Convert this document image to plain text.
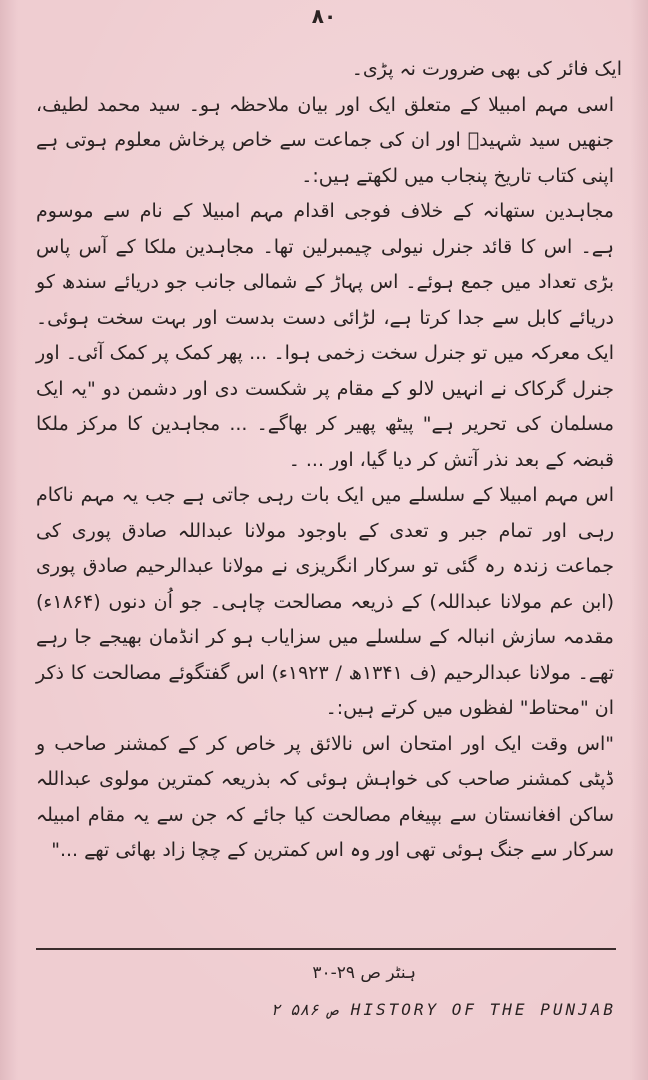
۸۰

ایک فائر کی بھی ضرورت نہ پڑی۔

اسی مہم امبیلا کے متعلق ایک اور بیان ملاحظہ ہو۔ سید محمد لطیف، جنھیں سید شہیدؒ اور ان کی جماعت سے خاص پرخاش معلوم ہوتی ہے اپنی کتاب تاریخ پنجاب میں لکھتے ہیں:۔

مجاہدین ستھانہ کے خلاف فوجی اقدام مہم امبیلا کے نام سے موسوم ہے۔ اس کا قائد جنرل نیولی چیمبرلین تھا۔ مجاہدین ملکا کے آس پاس بڑی تعداد میں جمع ہوئے۔ اس پہاڑ کے شمالی جانب جو دریائے سندھ کو دریائے کابل سے جدا کرتا ہے، لڑائی دست بدست اور بہت سخت ہوئی۔ ایک معرکہ میں تو جنرل سخت زخمی ہوا۔ ... پھر کمک پر کمک آئی۔ اور جنرل گرکاک نے انہیں لالو کے مقام پر شکست دی اور دشمن دو "یہ ایک مسلمان کی تحریر ہے" پیٹھ پھیر کر بھاگے۔ ... مجاہدین کا مرکز ملکا قبضہ کے بعد نذر آتش کر دیا گیا، اور ... ۔

اس مہم امبیلا کے سلسلے میں ایک بات رہی جاتی ہے جب یہ مہم ناکام رہی اور تمام جبر و تعدی کے باوجود مولانا عبداللہ صادق پوری کی جماعت زندہ رہ گئی تو سرکار انگریزی نے مولانا عبدالرحیم صادق پوری (ابن عم مولانا عبداللہ) کے ذریعہ مصالحت چاہی۔ جو اُن دنوں (۱۸۶۴ء) مقدمہ سازش انبالہ کے سلسلے میں سزایاب ہو کر انڈمان بھیجے جا رہے تھے۔ مولانا عبدالرحیم (ف ۱۳۴۱ھ / ۱۹۲۳ء) اس گفتگوئے مصالحت کا ذکر ان "محتاط" لفظوں میں کرتے ہیں:۔

"اس وقت ایک اور امتحان اس نالائق پر خاص کر کے کمشنر صاحب و ڈپٹی کمشنر صاحب کی خواہش ہوئی کہ بذریعہ کمترین مولوی عبداللہ ساکن افغانستان سے بپیغام مصالحت کیا جائے کہ جن سے یہ مقام امبیلہ سرکار سے جنگ ہوئی تھی اور وہ اس کمترین کے چچا زاد بھائی تھے ..."

ہنٹر ص ۲۹-۳۰
HISTORY OF THE PUNJAB ص ۵۸۶ ۲
